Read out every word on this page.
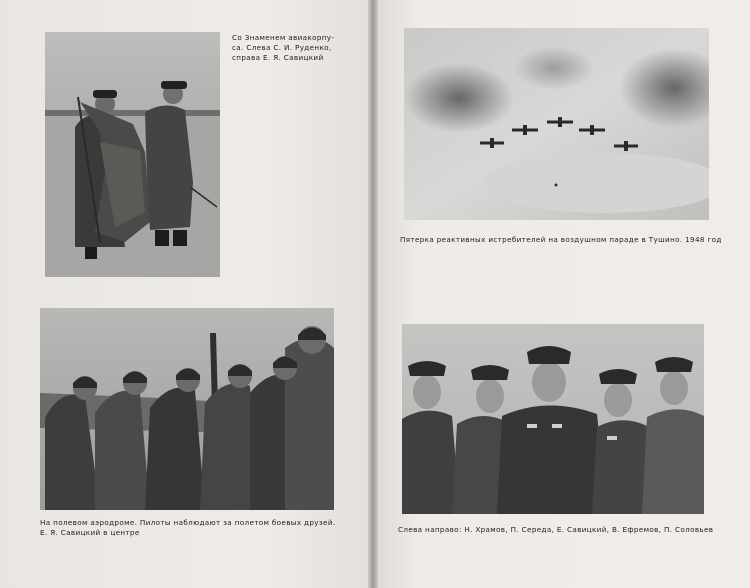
Со Знаменем авиакорпу-
са. Слева С. И. Руденко,
справа Е. Я. Савицкий

Пятерка реактивных истребителей на воздушном параде в Тушино. 1948 год

На полевом аэродроме. Пилоты наблюдают за полетом боевых друзей.
Е. Я. Савицкий в центре	Слева направо: Н. Храмов, П. Середа, Е. Савицкий, В. Ефремов, П. Соловьев
